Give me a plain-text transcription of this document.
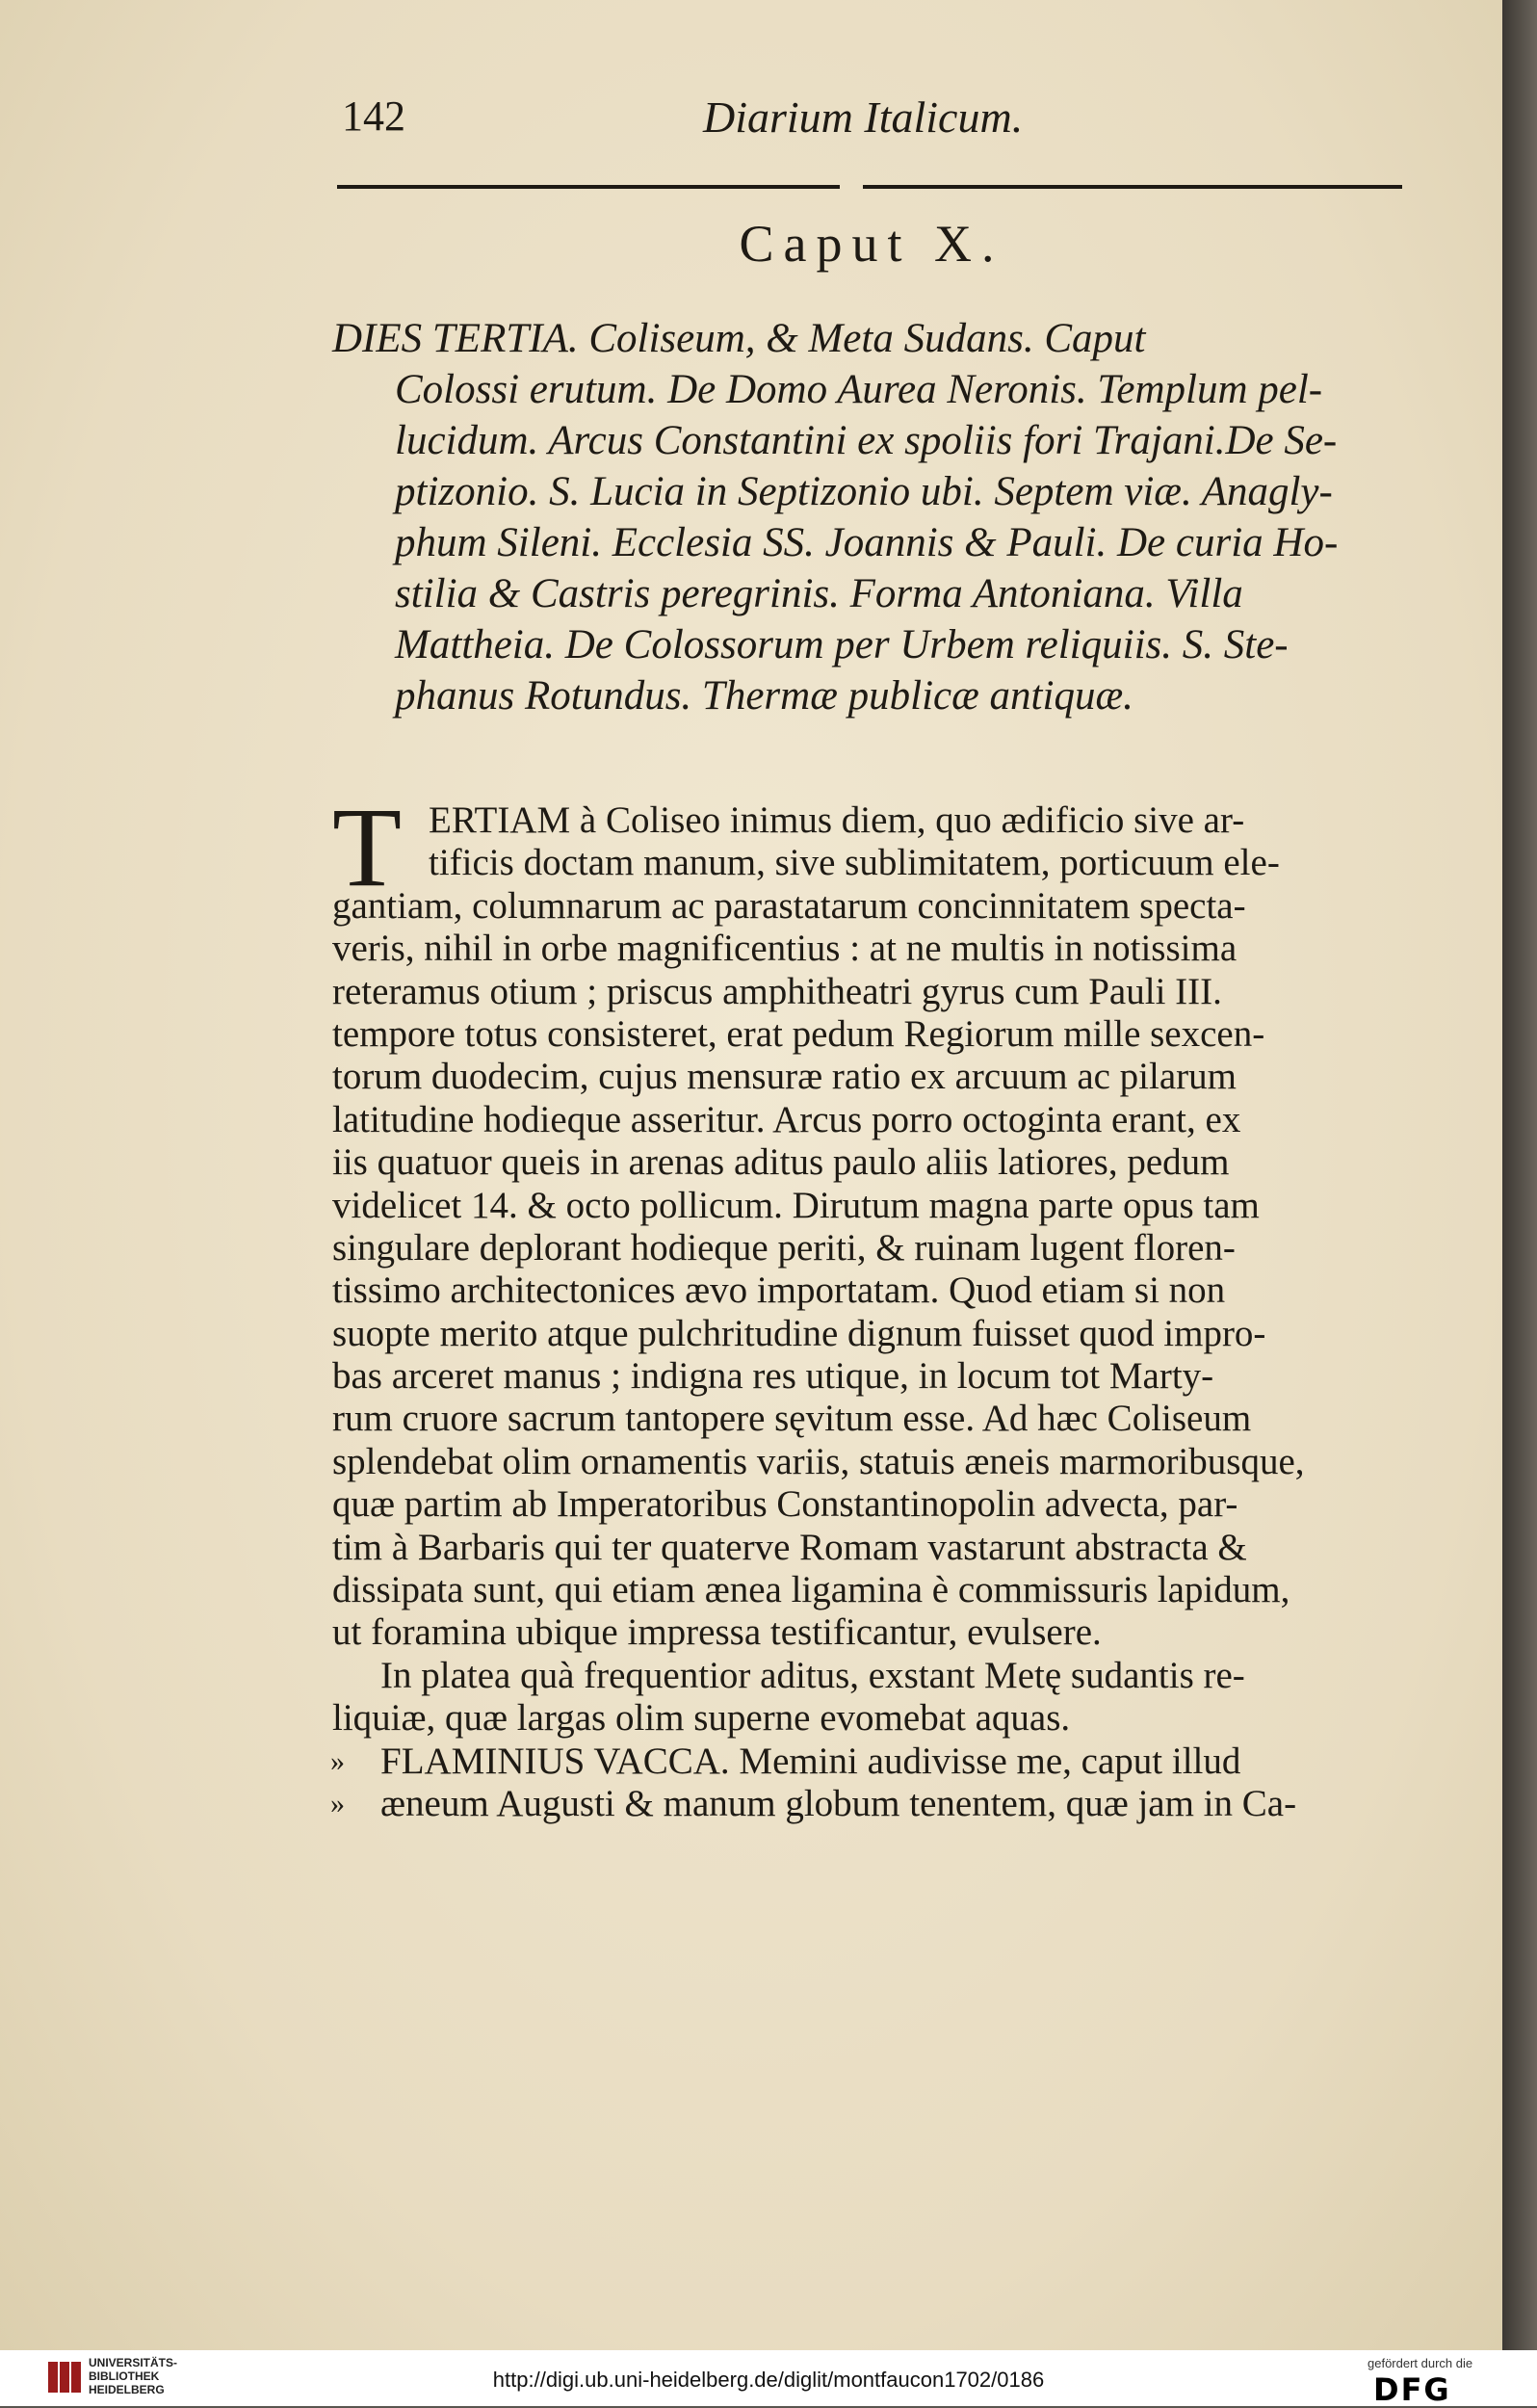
142	Diarium Italicum.
Caput X.
DIES TERTIA. Coliseum, & Meta Sudans. Caput
Colossi erutum. De Domo Aurea Neronis. Templum pel-
lucidum. Arcus Constantini ex spoliis fori Trajani.De Se-
ptizonio. S. Lucia in Septizonio ubi. Septem viæ. Anagly-
phum Sileni. Ecclesia SS. Joannis & Pauli. De curia Ho-
stilia & Castris peregrinis. Forma Antoniana. Villa
Mattheia. De Colossorum per Urbem reliquiis. S. Ste-
phanus Rotundus. Thermæ publicæ antiquæ.
T ERTIAM à Coliseo inimus diem, quo ædificio sive ar-
tificis doctam manum, sive sublimitatem, porticuum ele-
gantiam, columnarum ac parastatarum concinnitatem specta-
veris, nihil in orbe magnificentius : at ne multis in notissima
reteramus otium ; priscus amphitheatri gyrus cum Pauli III.
tempore totus consisteret, erat pedum Regiorum mille sexcen-
torum duodecim, cujus mensuræ ratio ex arcuum ac pilarum
latitudine hodieque asseritur. Arcus porro octoginta erant, ex
iis quatuor queis in arenas aditus paulo aliis latiores, pedum
videlicet 14. & octo pollicum. Dirutum magna parte opus tam
singulare deplorant hodieque periti, & ruinam lugent floren-
tissimo architectonices ævo importatam. Quod etiam si non
suopte merito atque pulchritudine dignum fuisset quod impro-
bas arceret manus ; indigna res utique, in locum tot Marty-
rum cruore sacrum tantopere sęvitum esse. Ad hæc Coliseum
splendebat olim ornamentis variis, statuis æneis marmoribusque,
quæ partim ab Imperatoribus Constantinopolin advecta, par-
tim à Barbaris qui ter quaterve Romam vastarunt abstracta &
dissipata sunt, qui etiam ænea ligamina è commissuris lapidum,
ut foramina ubique impressa testificantur, evulsere.
In platea quà frequentior aditus, exstant Metę sudantis re-
liquiæ, quæ largas olim superne evomebat aquas.
» FLAMINIUS VACCA. Memini audivisse me, caput illud
» æneum Augusti & manum globum tenentem, quæ jam in Ca-
UNIVERSITÄTS-
BIBLIOTHEK
HEIDELBERG	http://digi.ub.uni-heidelberg.de/diglit/montfaucon1702/0186
gefördert durch die
DFG
